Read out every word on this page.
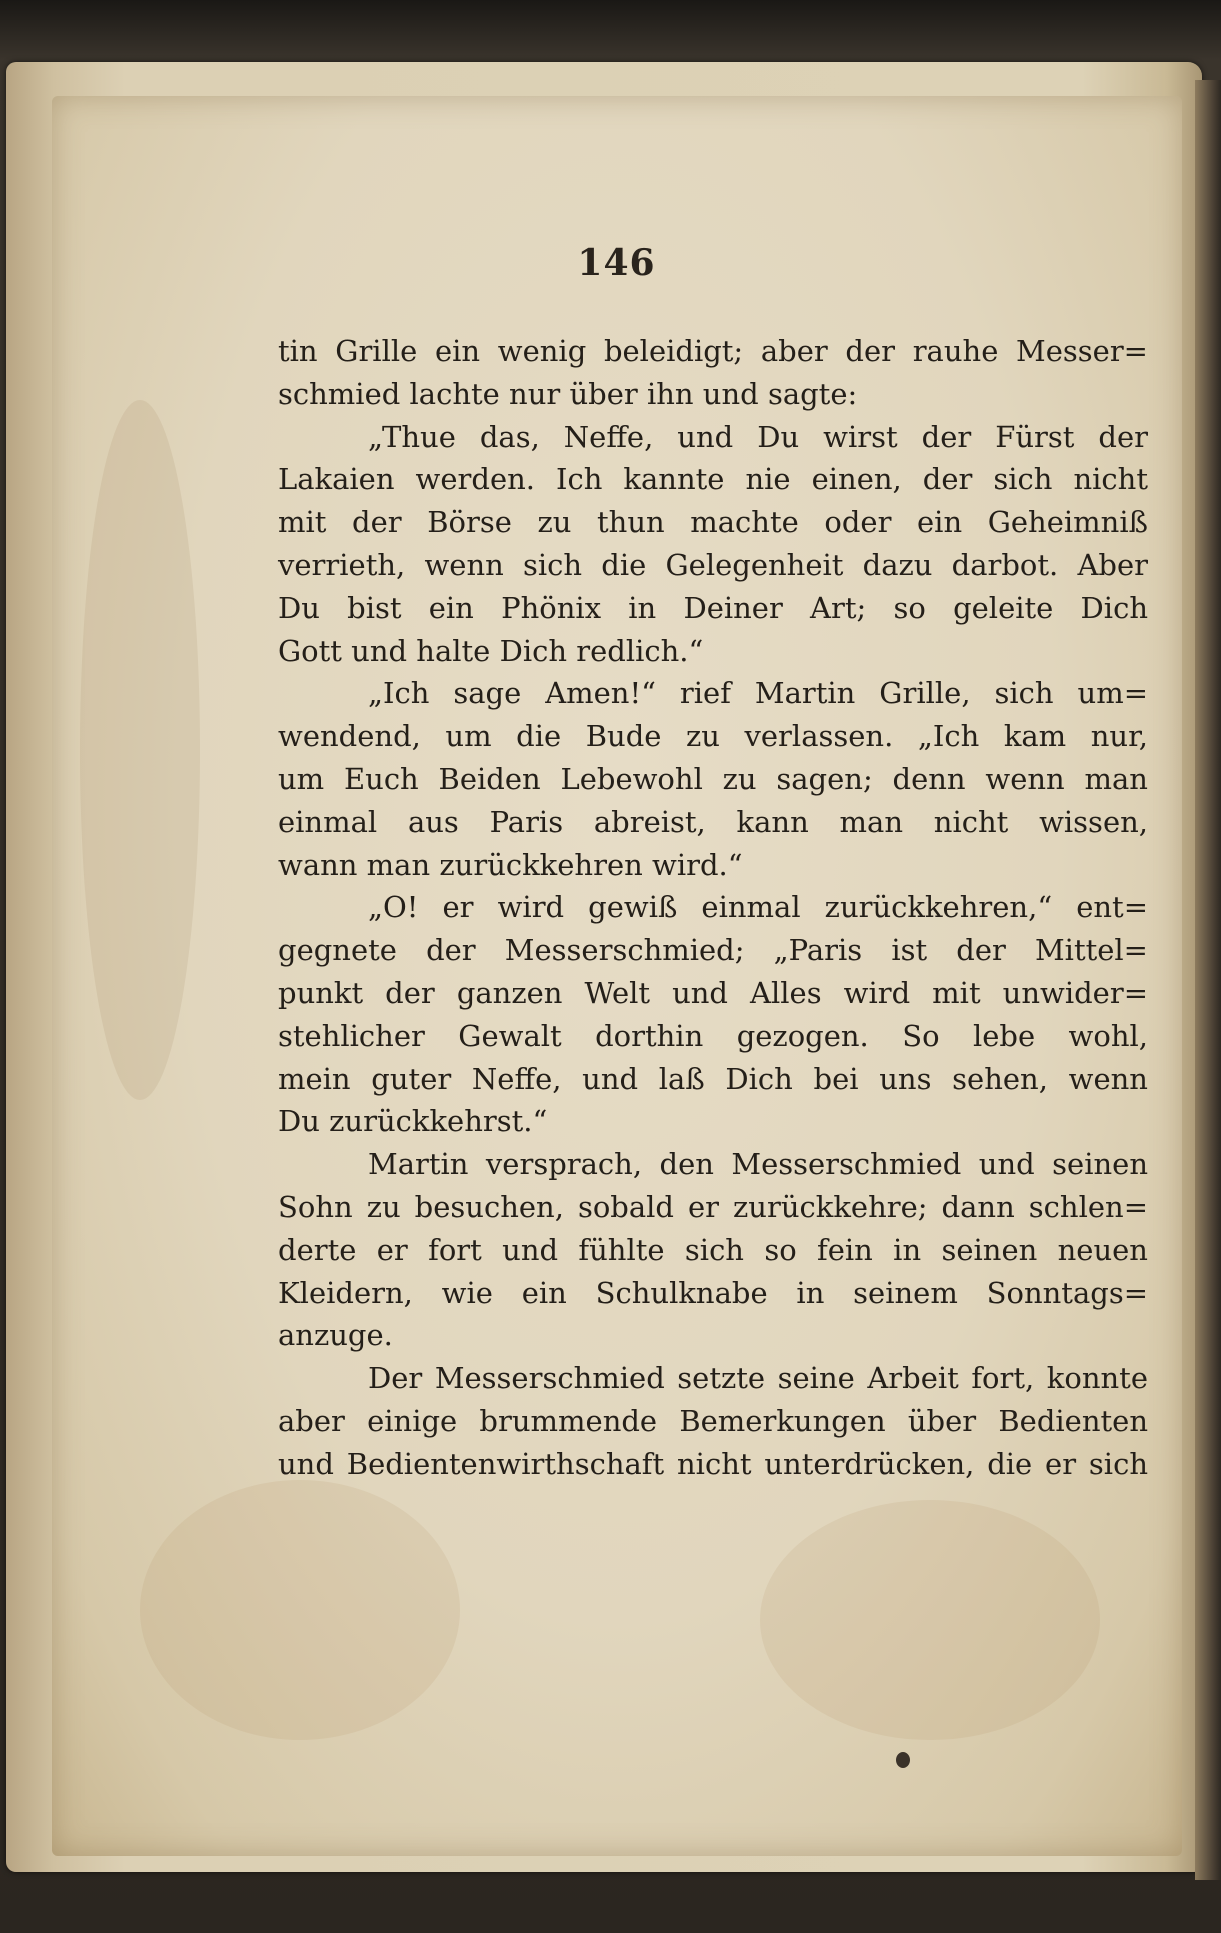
146
tin Grille ein wenig beleidigt; aber der rauhe Messer=
schmied lachte nur über ihn und sagte:
„Thue das, Neffe, und Du wirst der Fürst der
Lakaien werden. Ich kannte nie einen, der sich nicht
mit der Börse zu thun machte oder ein Geheimniß
verrieth, wenn sich die Gelegenheit dazu darbot. Aber
Du bist ein Phönix in Deiner Art; so geleite Dich
Gott und halte Dich redlich.“
„Ich sage Amen!“ rief Martin Grille, sich um=
wendend, um die Bude zu verlassen. „Ich kam nur,
um Euch Beiden Lebewohl zu sagen; denn wenn man
einmal aus Paris abreist, kann man nicht wissen,
wann man zurückkehren wird.“
„O! er wird gewiß einmal zurückkehren,“ ent=
gegnete der Messerschmied; „Paris ist der Mittel=
punkt der ganzen Welt und Alles wird mit unwider=
stehlicher Gewalt dorthin gezogen. So lebe wohl,
mein guter Neffe, und laß Dich bei uns sehen, wenn
Du zurückkehrst.“
Martin versprach, den Messerschmied und seinen
Sohn zu besuchen, sobald er zurückkehre; dann schlen=
derte er fort und fühlte sich so fein in seinen neuen
Kleidern, wie ein Schulknabe in seinem Sonntags=
anzuge.
Der Messerschmied setzte seine Arbeit fort, konnte
aber einige brummende Bemerkungen über Bedienten
und Bedientenwirthschaft nicht unterdrücken, die er sich
